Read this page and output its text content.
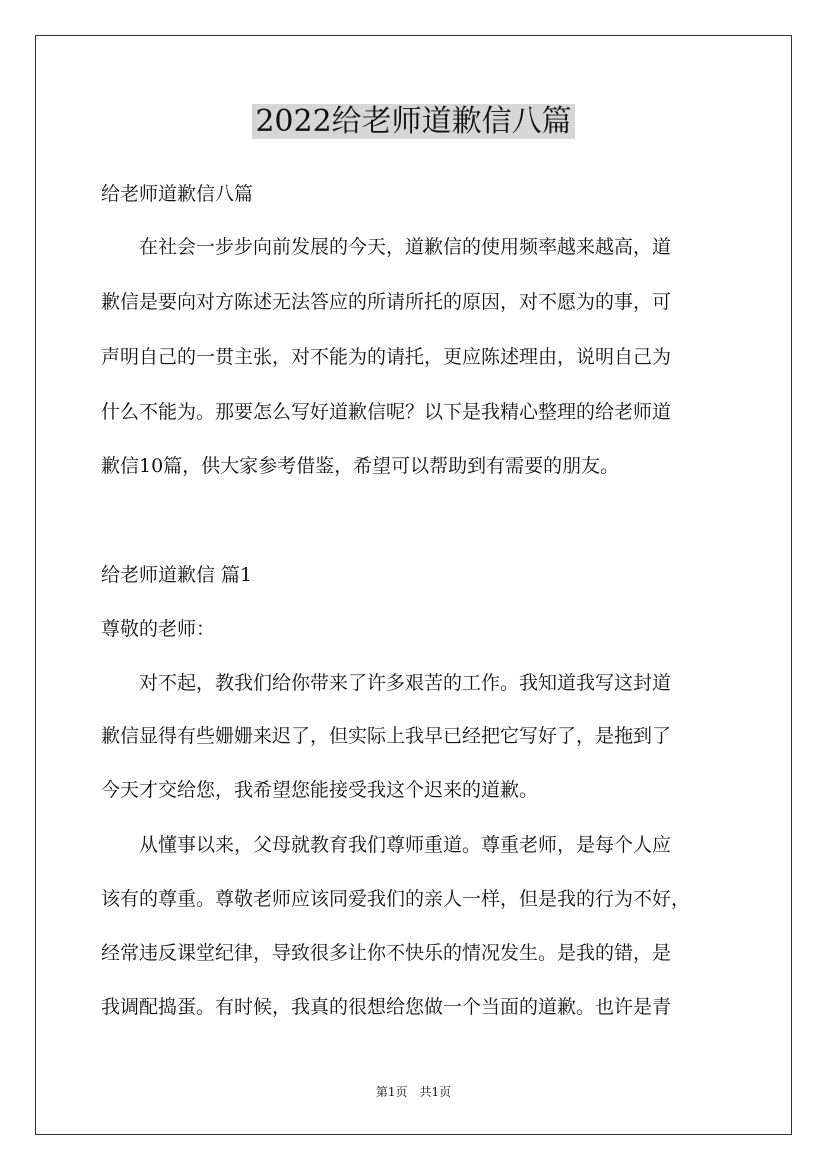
2022给老师道歉信八篇
给老师道歉信八篇
　　在社会一步步向前发展的今天，道歉信的使用频率越来越高，道
歉信是要向对方陈述无法答应的所请所托的原因，对不愿为的事，可
声明自己的一贯主张，对不能为的请托，更应陈述理由，说明自己为
什么不能为。那要怎么写好道歉信呢？以下是我精心整理的给老师道
歉信10篇，供大家参考借鉴，希望可以帮助到有需要的朋友。
给老师道歉信 篇1
尊敬的老师：
　　对不起，教我们给你带来了许多艰苦的工作。我知道我写这封道
歉信显得有些姗姗来迟了，但实际上我早已经把它写好了，是拖到了
今天才交给您，我希望您能接受我这个迟来的道歉。
　　从懂事以来，父母就教育我们尊师重道。尊重老师，是每个人应
该有的尊重。尊敬老师应该同爱我们的亲人一样，但是我的行为不好，
经常违反课堂纪律，导致很多让你不快乐的情况发生。是我的错，是
我调配捣蛋。有时候，我真的很想给您做一个当面的道歉。也许是青
第1页　共1页
